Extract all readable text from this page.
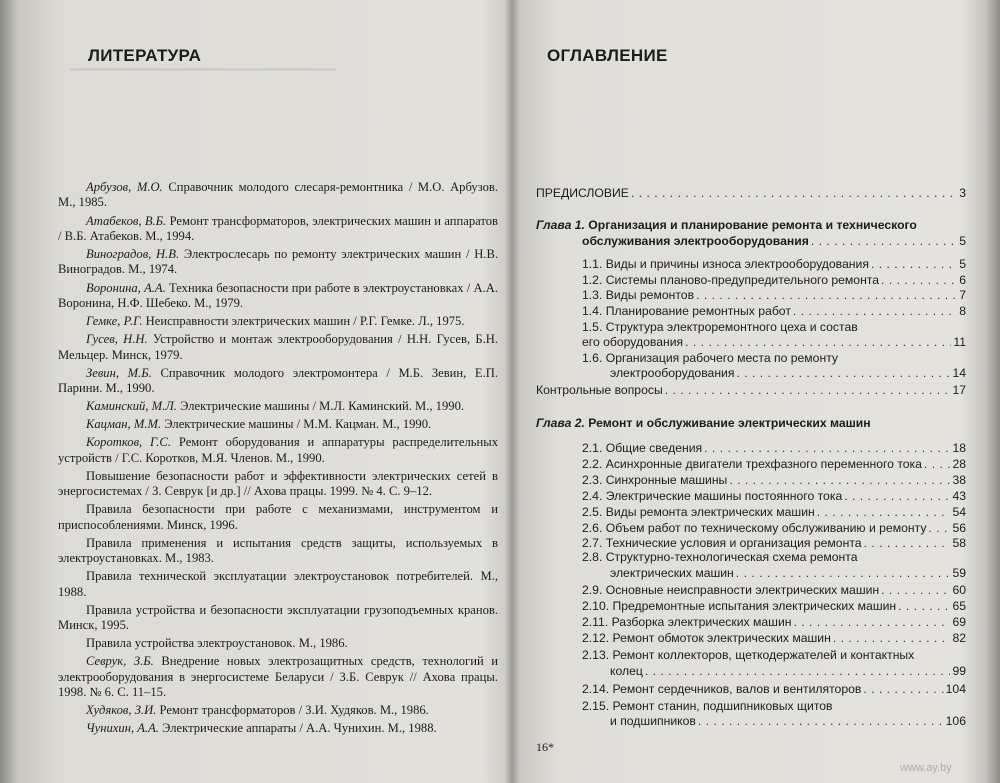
━━━━━━━━━━━━━━━━━━━━━━━━━━━━━━━━━━
ЛИТЕРАТУРА

Арбузов, М.О. Справочник молодого слесаря-ремонтника / М.О. Арбузов. М., 1985.

Атабеков, В.Б. Ремонт трансформаторов, электрических машин и аппаратов / В.Б. Атабеков. М., 1994.

Виноградов, Н.В. Электрослесарь по ремонту электрических машин / Н.В. Виноградов. М., 1974.

Воронина, А.А. Техника безопасности при работе в электроустановках / А.А. Воронина, Н.Ф. Шебеко. М., 1979.

Гемке, Р.Г. Неисправности электрических машин / Р.Г. Гемке. Л., 1975.

Гусев, Н.Н. Устройство и монтаж электрооборудования / Н.Н. Гусев, Б.Н. Мельцер. Минск, 1979.

Зевин, М.Б. Справочник молодого электромонтера / М.Б. Зевин, Е.П. Парини. М., 1990.

Каминский, М.Л. Электрические машины / М.Л. Каминский. М., 1990.

Кацман, М.М. Электрические машины / М.М. Кацман. М., 1990.

Коротков, Г.С. Ремонт оборудования и аппаратуры распределительных устройств / Г.С. Коротков, М.Я. Членов. М., 1990.

Повышение безопасности работ и эффективности электрических сетей в энергосистемах / З. Севрук [и др.] // Ахова працы. 1999. № 4. С. 9–12.

Правила безопасности при работе с механизмами, инструментом и приспособлениями. Минск, 1996.

Правила применения и испытания средств защиты, используемых в электроустановках. М., 1983.

Правила технической эксплуатации электроустановок потребителей. М., 1988.

Правила устройства и безопасности эксплуатации грузоподъемных кранов. Минск, 1995.

Правила устройства электроустановок. М., 1986.

Севрук, З.Б. Внедрение новых электрозащитных средств, технологий и электрооборудования в энергосистеме Беларуси / З.Б. Севрук // Ахова працы. 1998. № 6. С. 11–15.

Худяков, З.И. Ремонт трансформаторов / З.И. Худяков. М., 1986.

Чунихин, А.А. Электрические аппараты / А.А. Чунихин. М., 1988.

ОГЛАВЛЕНИЕ
ПРЕДИСЛОВИЕ . . .	3
Глава 1. Организация и планирование ремонта и технического
обслуживания электрооборудования . . .	5
1.1. Виды и причины износа электрооборудования . . .	5
1.2. Системы планово-предупредительного ремонта . . .	6
1.3. Виды ремонтов . . .	7
1.4. Планирование ремонтных работ . . .	8
1.5. Структура электроремонтного цеха и состав
его оборудования . . .	11
1.6. Организация рабочего места по ремонту
электрооборудования . . .	14
Контрольные вопросы . . .	17
Глава 2. Ремонт и обслуживание электрических машин
2.1. Общие сведения . . .	18
2.2. Асинхронные двигатели трехфазного переменного тока . . .	28
2.3. Синхронные машины . . .	38
2.4. Электрические машины постоянного тока . . .	43
2.5. Виды ремонта электрических машин . . .	54
2.6. Объем работ по техническому обслуживанию и ремонту . . . 56
2.7. Технические условия и организация ремонта . . .	58
2.8. Структурно-технологическая схема ремонта
электрических машин . . .	59
2.9. Основные неисправности электрических машин . . .	60
2.10. Предремонтные испытания электрических машин . . .	65
2.11. Разборка электрических машин . . .	69
2.12. Ремонт обмоток электрических машин . . .	82
2.13. Ремонт коллекторов, щеткодержателей и контактных
колец . . .	99
2.14. Ремонт сердечников, валов и вентиляторов . . .	104
2.15. Ремонт станин, подшипниковых щитов
и подшипников . . .	106
16*
www.ay.by
